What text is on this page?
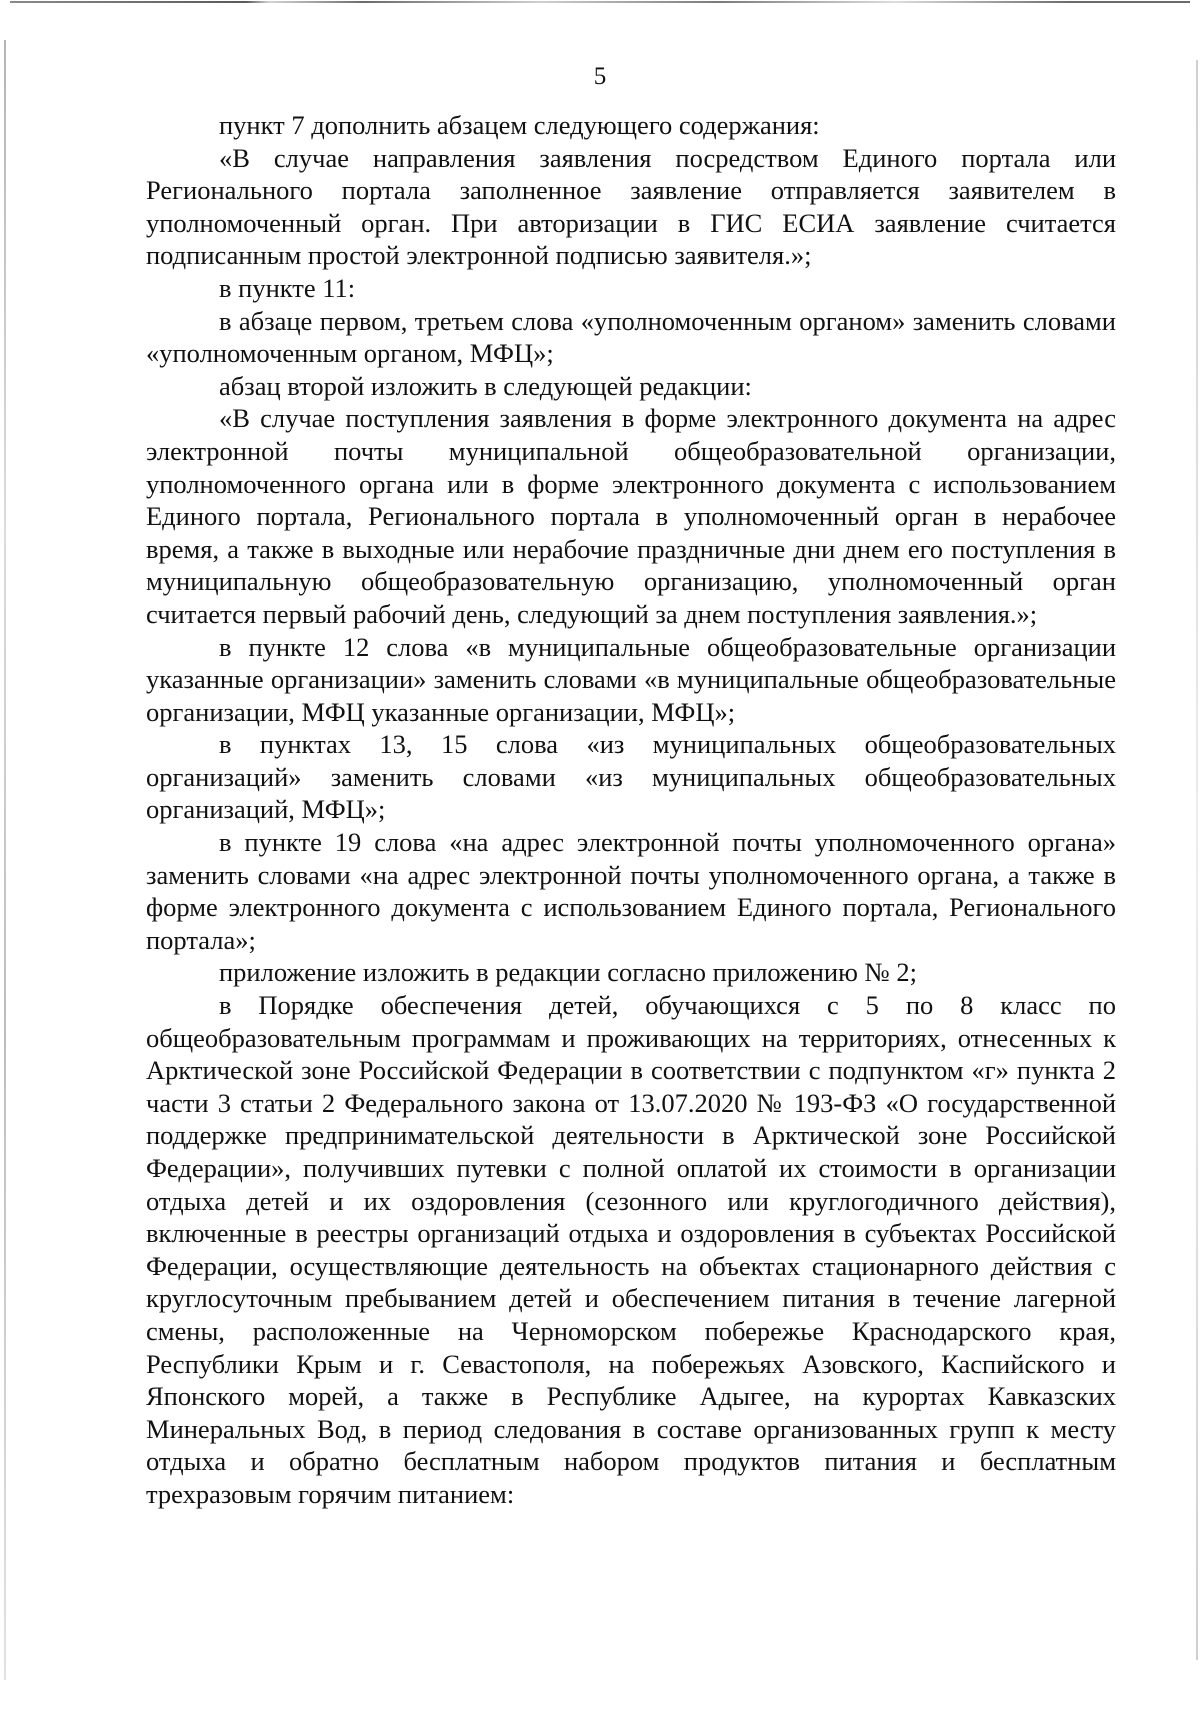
5

пункт 7 дополнить абзацем следующего содержания:

«В случае направления заявления посредством Единого портала или Регионального портала заполненное заявление отправляется заявителем в уполномоченный орган. При авторизации в ГИС ЕСИА заявление считается подписанным простой электронной подписью заявителя.»;

в пункте 11:

в абзаце первом, третьем слова «уполномоченным органом» заменить словами «уполномоченным органом, МФЦ»;

абзац второй изложить в следующей редакции:

«В случае поступления заявления в форме электронного документа на адрес электронной почты муниципальной общеобразовательной организации, уполномоченного органа или в форме электронного документа с использованием Единого портала, Регионального портала в уполномоченный орган в нерабочее время, а также в выходные или нерабочие праздничные дни днем его поступления в муниципальную общеобразовательную организацию, уполномоченный орган считается первый рабочий день, следующий за днем поступления заявления.»;

в пункте 12 слова «в муниципальные общеобразовательные организации указанные организации» заменить словами «в муниципальные общеобразовательные организации, МФЦ указанные организации, МФЦ»;

в пунктах 13, 15 слова «из муниципальных общеобразовательных организаций» заменить словами «из муниципальных общеобразовательных организаций, МФЦ»;

в пункте 19 слова «на адрес электронной почты уполномоченного органа» заменить словами «на адрес электронной почты уполномоченного органа, а также в форме электронного документа с использованием Единого портала, Регионального портала»;

приложение изложить в редакции согласно приложению № 2;

в Порядке обеспечения детей, обучающихся с 5 по 8 класс по общеобразовательным программам и проживающих на территориях, отнесенных к Арктической зоне Российской Федерации в соответствии с подпунктом «г» пункта 2 части 3 статьи 2 Федерального закона от 13.07.2020 № 193-ФЗ «О государственной поддержке предпринимательской деятельности в Арктической зоне Российской Федерации», получивших путевки с полной оплатой их стоимости в организации отдыха детей и их оздоровления (сезонного или круглогодичного действия), включенные в реестры организаций отдыха и оздоровления в субъектах Российской Федерации, осуществляющие деятельность на объектах стационарного действия с круглосуточным пребыванием детей и обеспечением питания в течение лагерной смены, расположенные на Черноморском побережье Краснодарского края, Республики Крым и г. Севастополя, на побережьях Азовского, Каспийского и Японского морей, а также в Республике Адыгее, на курортах Кавказских Минеральных Вод, в период следования в составе организованных групп к месту отдыха и обратно бесплатным набором продуктов питания и бесплатным трехразовым горячим питанием:
